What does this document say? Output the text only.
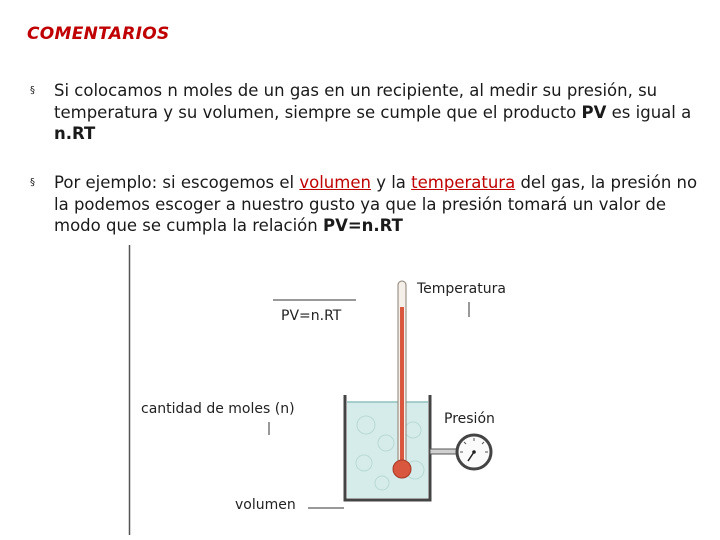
COMENTARIOS
§ Si colocamos n moles de un gas en un recipiente, al medir su presión, su temperatura y su volumen, siempre se cumple que el producto PV es igual a n.RT
§ Por ejemplo: si escogemos el volumen y la temperatura del gas, la presión no la podemos escoger a nuestro gusto ya que la presión tomará un valor de modo que se cumpla la relación PV=n.RT
PV=n.RT
Temperatura
Presión
cantidad de moles (n)
volumen
